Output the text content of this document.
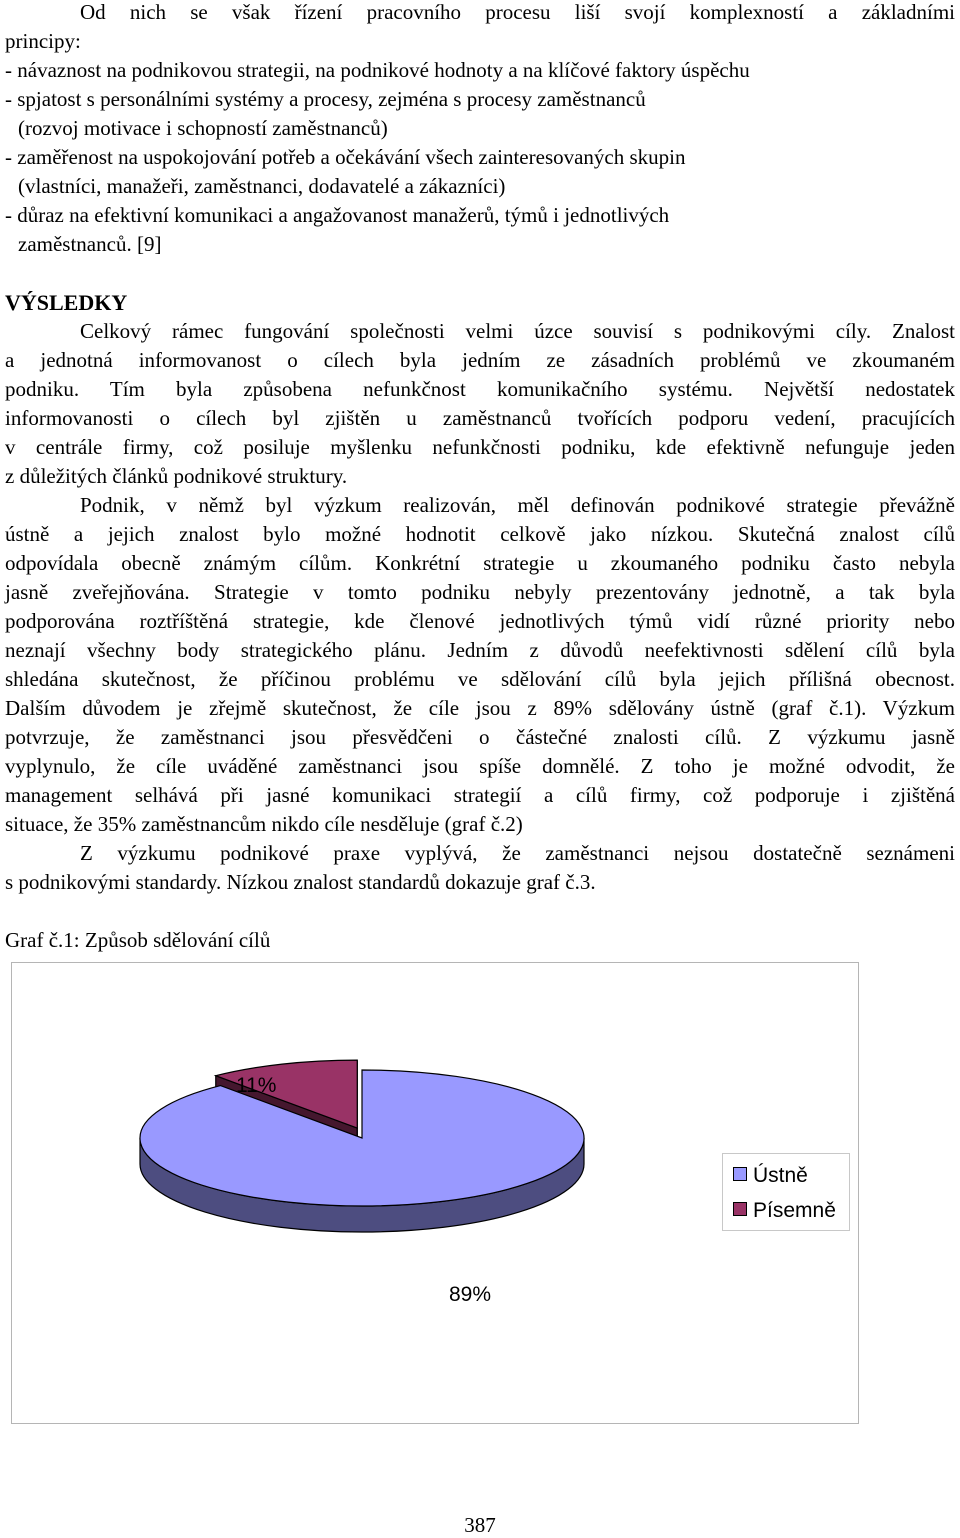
Od nich se však řízení pracovního procesu liší svojí komplexností a základními
principy:
- návaznost na podnikovou strategii, na podnikové hodnoty a na klíčové faktory úspěchu
- spjatost s personálními systémy a procesy, zejména s procesy zaměstnanců
(rozvoj motivace i schopností zaměstnanců)
- zaměřenost na uspokojování potřeb a očekávání všech zainteresovaných skupin
(vlastníci, manažeři, zaměstnanci, dodavatelé a zákazníci)
- důraz na efektivní komunikaci a angažovanost manažerů, týmů i jednotlivých
zaměstnanců. [9]
VÝSLEDKY
Celkový rámec fungování společnosti velmi úzce souvisí s podnikovými cíly. Znalost
a jednotná informovanost o cílech byla jedním ze zásadních problémů ve zkoumaném
podniku. Tím byla způsobena nefunkčnost komunikačního systému. Největší nedostatek
informovanosti o cílech byl zjištěn u zaměstnanců tvořících podporu vedení, pracujících
v centrále firmy, což posiluje myšlenku nefunkčnosti podniku, kde efektivně nefunguje jeden
z důležitých článků podnikové struktury.
Podnik, v němž byl výzkum realizován, měl definován podnikové strategie převážně
ústně a jejich znalost bylo možné hodnotit celkově jako nízkou. Skutečná znalost cílů
odpovídala obecně známým cílům. Konkrétní strategie u zkoumaného podniku často nebyla
jasně zveřejňována. Strategie v tomto podniku nebyly prezentovány jednotně, a tak byla
podporována roztříštěná strategie, kde členové jednotlivých týmů vidí různé priority nebo
neznají všechny body strategického plánu. Jedním z důvodů neefektivnosti sdělení cílů byla
shledána skutečnost, že příčinou problému ve sdělování cílů byla jejich přílišná obecnost.
Dalším důvodem je zřejmě skutečnost, že cíle jsou z 89% sdělovány ústně (graf č.1). Výzkum
potvrzuje, že zaměstnanci jsou přesvědčeni o částečné znalosti cílů. Z výzkumu jasně
vyplynulo, že cíle uváděné zaměstnanci jsou spíše domnělé. Z toho je možné odvodit, že
management selhává při jasné komunikaci strategií a cílů firmy, což podporuje i zjištěná
situace, že 35% zaměstnancům nikdo cíle nesděluje (graf č.2)
Z výzkumu podnikové praxe vyplývá, že zaměstnanci nejsou dostatečně seznámeni
s podnikovými standardy. Nízkou znalost standardů dokazuje graf č.3.
Graf č.1: Způsob sdělování cílů
11%
89%
Ústně
Písemně
387
